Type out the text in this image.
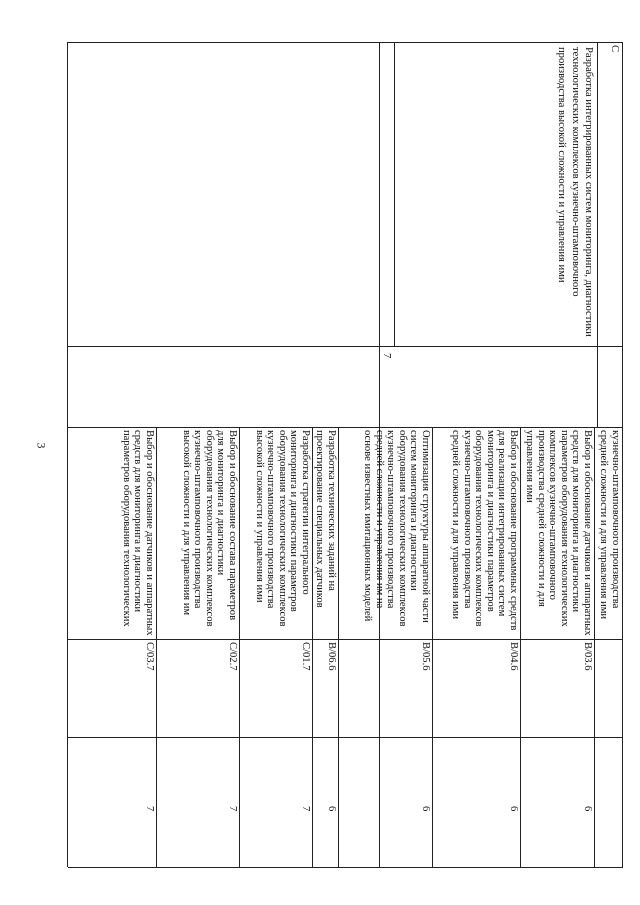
3
C
Разработка интегрированных систем мониторинга, диагностики технологических комплексов кузнечно-штамповочного производства высокой сложности и управления ими
7
кузнечно-штамповочного производства средней сложности и для управления ими
Выбор и обоснование датчиков и аппаратных средств для мониторинга и диагностики параметров оборудования технологических комплексов кузнечно-штамповочного производства средней сложности и для управления ими
B/03.6
6
Выбор и обоснование программных средств для реализации интегрированных систем мониторинга и диагностики параметров оборудования технологических комплексов кузнечно-штамповочного производства средней сложности и для управления ими
B/04.6
6
Оптимизация структуры аппаратной части систем мониторинга и диагностики оборудования технологических комплексов кузнечно-штамповочного производства средней сложности и управления им на основе известных имитационных моделей
B/05.6
6
Разработка технических заданий на проектирование специальных датчиков
B/06.6
6
Разработка стратегии интегрального мониторинга и диагностики параметров оборудования технологических комплексов кузнечно-штамповочного производства высокой сложности и управления ими
C/01.7
7
Выбор и обоснование состава параметров для мониторинга и диагностики оборудования технологических комплексов кузнечно-штамповочного производства высокой сложности и для управления им
C/02.7
7
Выбор и обоснование датчиков и аппаратных средств для мониторинга и диагностики параметров оборудования технологических
C/03.7
7
